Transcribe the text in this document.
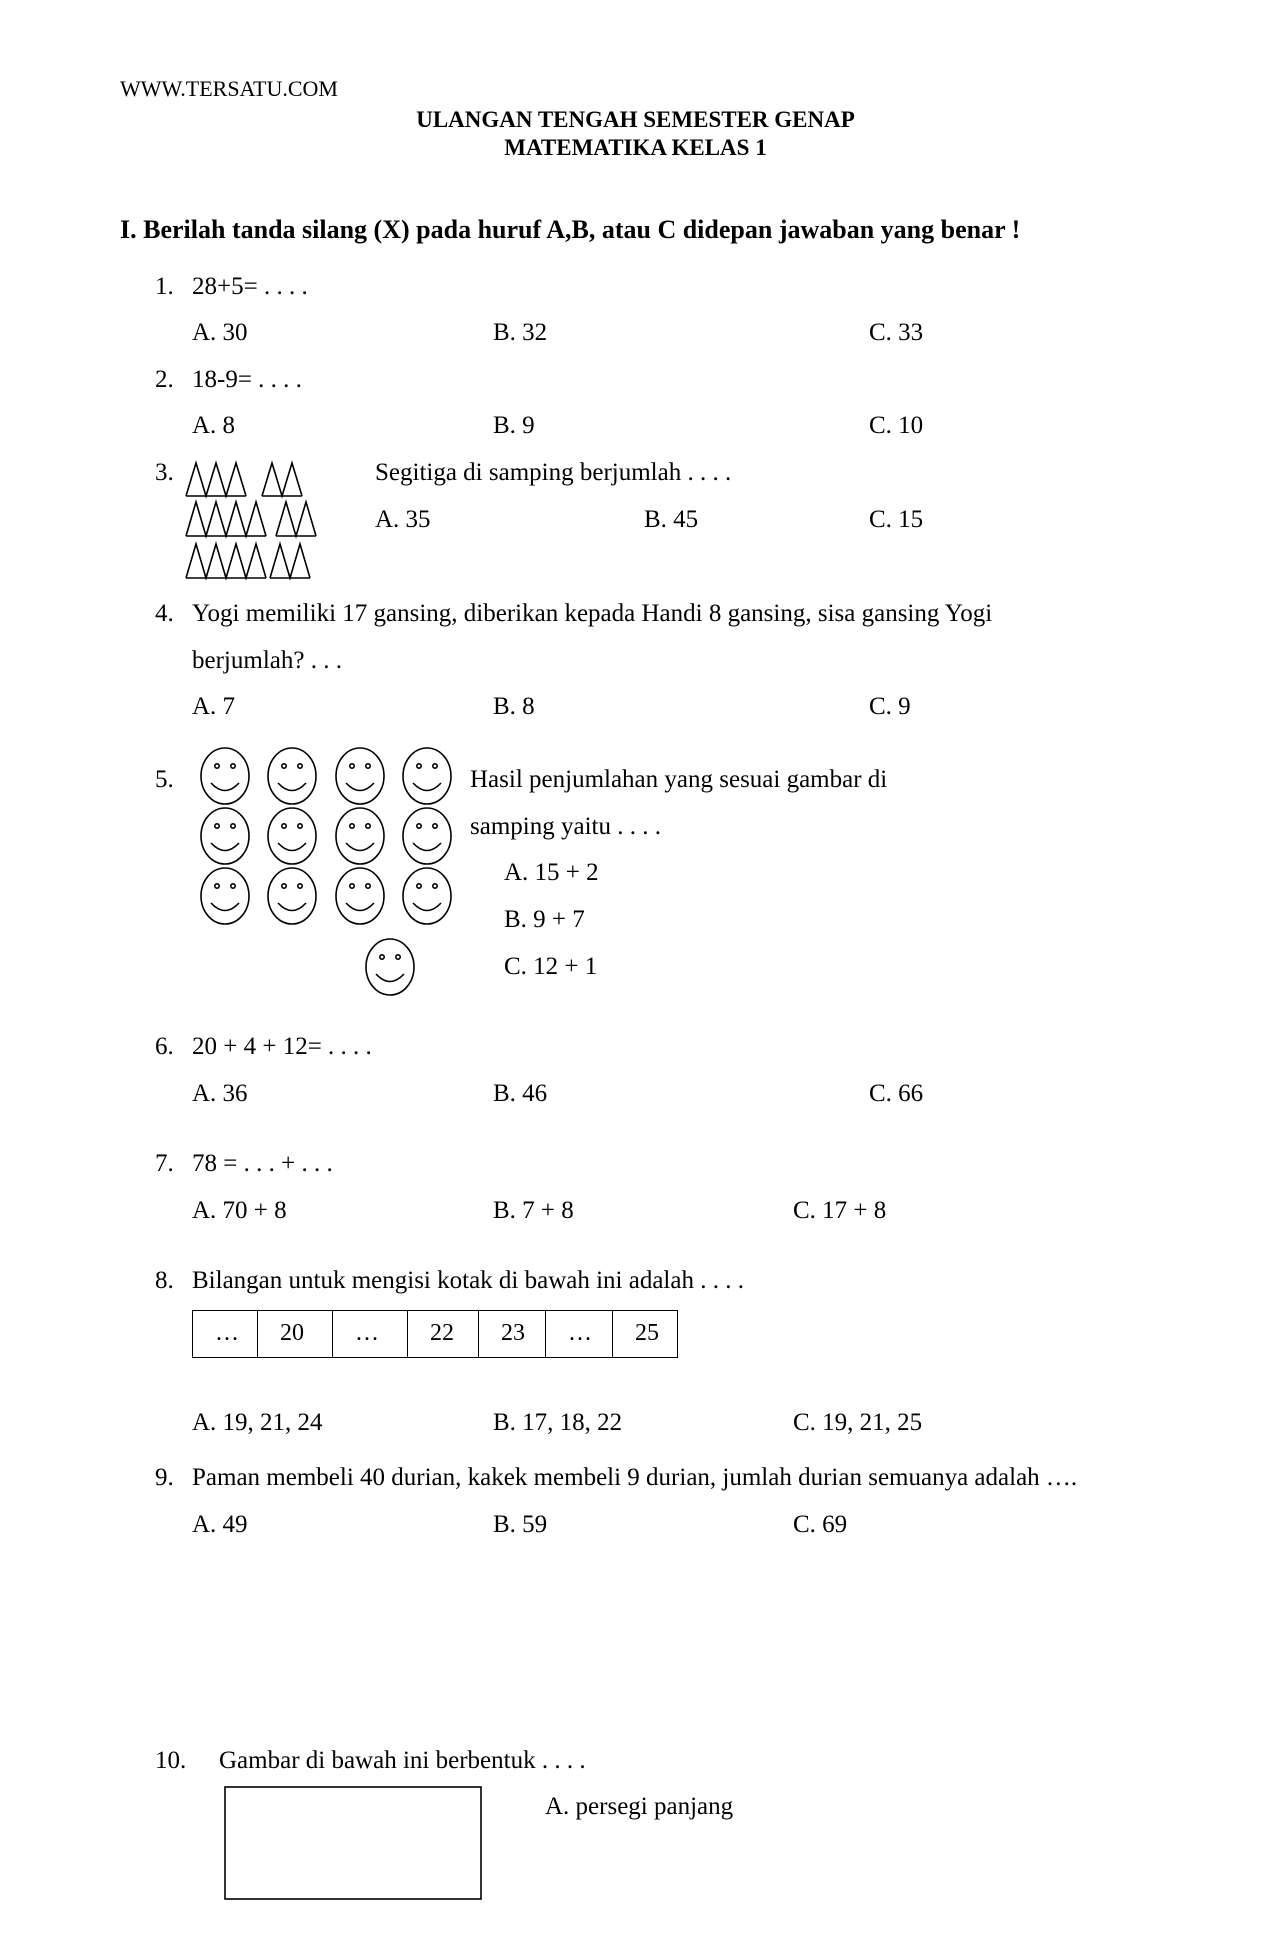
WWW.TERSATU.COM
ULANGAN TENGAH SEMESTER GENAP
MATEMATIKA KELAS 1
I. Berilah tanda silang (X) pada huruf A,B, atau C didepan jawaban yang benar !
1. 28+5= . . . .
A. 30	B. 32	C. 33
2. 18-9= . . . .
A. 8	B. 9	C. 10
3.	Segitiga di samping berjumlah . . . .
A. 35	B. 45	C. 15
4. Yogi memiliki 17 gansing, diberikan kepada Handi 8 gansing, sisa gansing Yogi
berjumlah? . . .
A. 7	B. 8	C. 9
5.	Hasil penjumlahan yang sesuai gambar di
samping yaitu . . . .
A. 15 + 2
B. 9 + 7
C. 12 + 1
6. 20 + 4 + 12= . . . .
A. 36	B. 46	C. 66
7. 78 = . . . + . . .
A. 70 + 8	B. 7 + 8	C. 17 + 8
8. Bilangan untuk mengisi kotak di bawah ini adalah . . . .
…	20	…	22	23	…	25
A. 19, 21, 24	B. 17, 18, 22	C. 19, 21, 25
9. Paman membeli 40 durian, kakek membeli 9 durian, jumlah durian semuanya adalah ….
A. 49	B. 59	C. 69
10. Gambar di bawah ini berbentuk . . . .
A. persegi panjang
